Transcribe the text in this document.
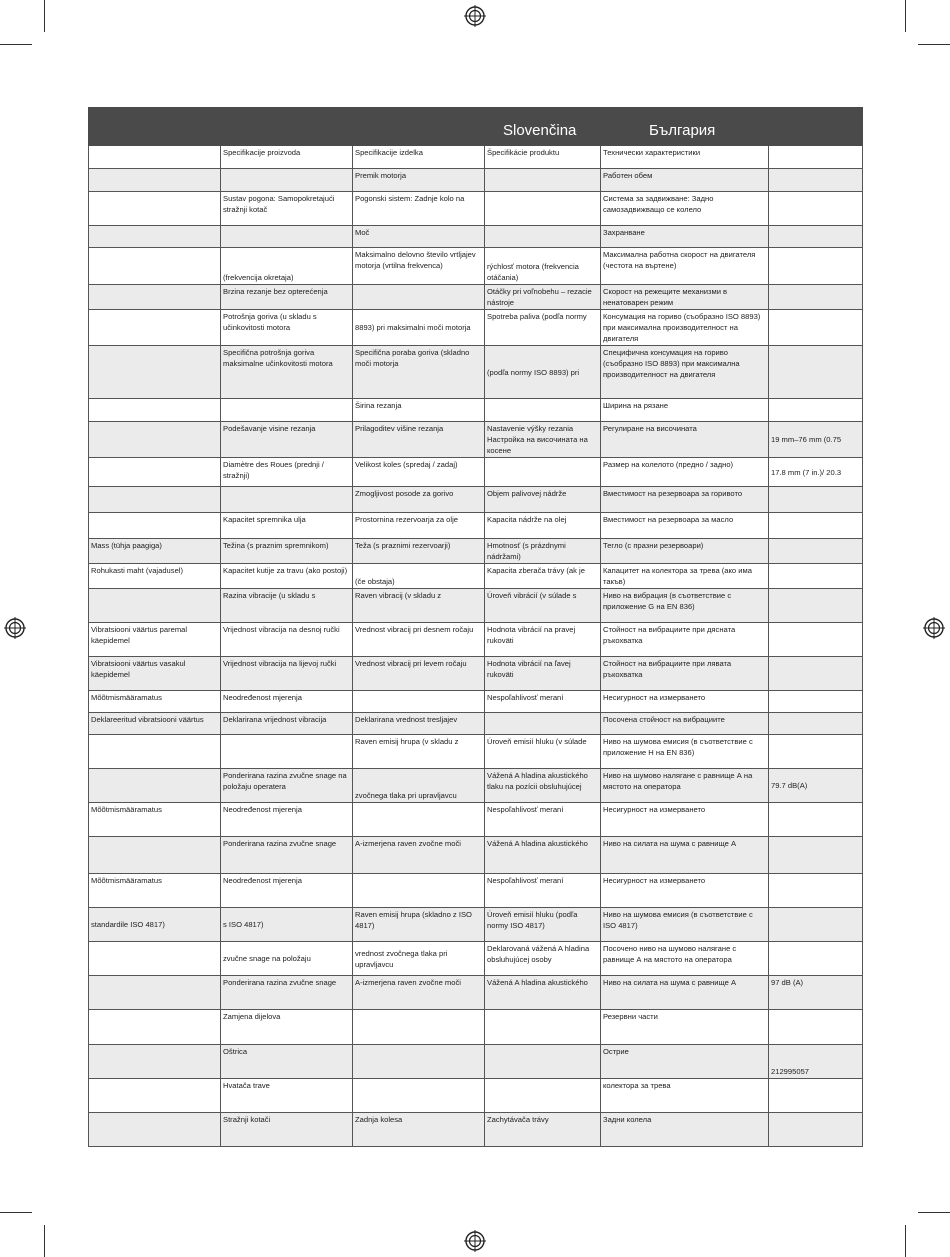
			Slovenčina	България	
	Specifikacije proizvoda	Specifikacije izdelka	Špecifikácie produktu	Технически характеристики	
		Premik motorja		Работен обем	
	Sustav pogona: Samopokretajući stražnji kotač	Pogonski sistem: Zadnje kolo na		Система за задвижване: Задно самозадвижващо се колело	
		Moč		Захранване	
	(frekvencija okretaja)	Maksimalno delovno število vrtljajev motorja (vrtilna frekvenca)	rýchlosť motora (frekvencia otáčania)	Максимална работна скорост на двигателя (честота на въртене)	
	Brzina rezanje bez opterećenja		Otáčky pri voľnobehu – rezacie nástroje	Скорост на режещите механизми в ненатоварен режим	
	Potrošnja goriva (u skladu s učinkovitosti motora	8893) pri maksimalni moči motorja	Spotreba paliva (podľa normy	Консумация на гориво (съобразно ISO 8893) при максимална производителност на двигателя	
	Specifična potrošnja goriva maksimalne učinkovitosti motora	Specifična poraba goriva (skladno moči motorja	(podľa normy ISO 8893) pri	Специфична консумация на гориво (съобразно ISO 8893) при максимална производителност на двигателя	
		Širina rezanja		Ширина на рязане	
	Podešavanje visine rezanja	Prilagoditev višine rezanja	Nastavenie výšky rezania Настройка на височината на косене	Регулиране на височината	19 mm–76 mm (0.75
	Diamètre des Roues (prednji / stražnji)	Velikost koles (spredaj / zadaj)		Размер на колелото (предно / задно)	17.8 mm (7 in.)/ 20.3
		Zmogljivost posode za gorivo	Objem palivovej nádrže	Вместимост на резервоара за горивото	
	Kapacitet spremnika ulja	Prostornina rezervoarja za olje	Kapacita nádrže na olej	Вместимост на резервоара за масло	
Mass (tühja paagiga)	Težina (s praznim spremnikom)	Teža (s praznimi rezervoarji)	Hmotnosť (s prázdnymi nádržami)	Тегло (с празни резервоари)	
Rohukasti maht (vajadusel)	Kapacitet kutije za travu (ako postoji)	(če obstaja)	Kapacita zberača trávy (ak je	Капацитет на колектора за трева (ако има такъв)	
	Razina vibracije (u skladu s	Raven vibracij (v skladu z	Úroveň vibrácií (v súlade s	Ниво на вибрация (в съответствие с приложение G на EN 836)	
Vibratsiooni väärtus paremal käepidemel	Vrijednost vibracija na desnoj ručki	Vrednost vibracij pri desnem ročaju	Hodnota vibrácií na pravej rukoväti	Стойност на вибрациите при дясната ръкохватка	
Vibratsiooni väärtus vasakul käepidemel	Vrijednost vibracija na lijevoj ručki	Vrednost vibracij pri levem ročaju	Hodnota vibrácií na ľavej rukoväti	Стойност на вибрациите при лявата ръкохватка	
Mõõtmismääramatus	Neodređenost mjerenja		Nespoľahlivosť meraní	Несигурност на измерването	
Deklareeritud vibratsiooni väärtus	Deklarirana vrijednost vibracija	Deklarirana vrednost tresljajev		Посочена стойност на вибрациите	
		Raven emisij hrupa (v skladu z	Úroveň emisií hluku (v súlade	Ниво на шумова емисия (в съответствие с приложение H на EN 836)	
	Ponderirana razina zvučne snage na položaju operatera	zvočnega tlaka pri upravljavcu	Vážená A hladina akustického tlaku na pozícii obsluhujúcej	Ниво на шумово налягане с равнище А на мястото на оператора	79.7 dB(A)
Mõõtmismääramatus	Neodređenost mjerenja		Nespoľahlivosť meraní	Несигурност на измерването	
	Ponderirana razina zvučne snage	A-izmerjena raven zvočne moči	Vážená A hladina akustického	Ниво на силата на шума с равнище А	
Mõõtmismääramatus	Neodređenost mjerenja		Nespoľahlivosť meraní	Несигурност на измерването	
standardile ISO 4817)	s ISO 4817)	Raven emisij hrupa (skladno z ISO 4817)	Úroveň emisií hluku (podľa normy ISO 4817)	Ниво на шумова емисия (в съответствие с ISO 4817)	
	zvučne snage na položaju	vrednost zvočnega tlaka pri upravljavcu	Deklarovaná vážená A hladina obsluhujúcej osoby	Посочено ниво на шумово налягане с равнище А на мястото на оператора	
	Ponderirana razina zvučne snage	A-izmerjena raven zvočne moči	Vážená A hladina akustického	Ниво на силата на шума с равнище А	97 dB (A)
	Zamjena dijelova			Резервни части	
	Oštrica			Острие	212995057
	Hvatača trave			колектора за трева	
	Stražnji kotači	Zadnja kolesa	Zachytávača trávy	Задни колела	
